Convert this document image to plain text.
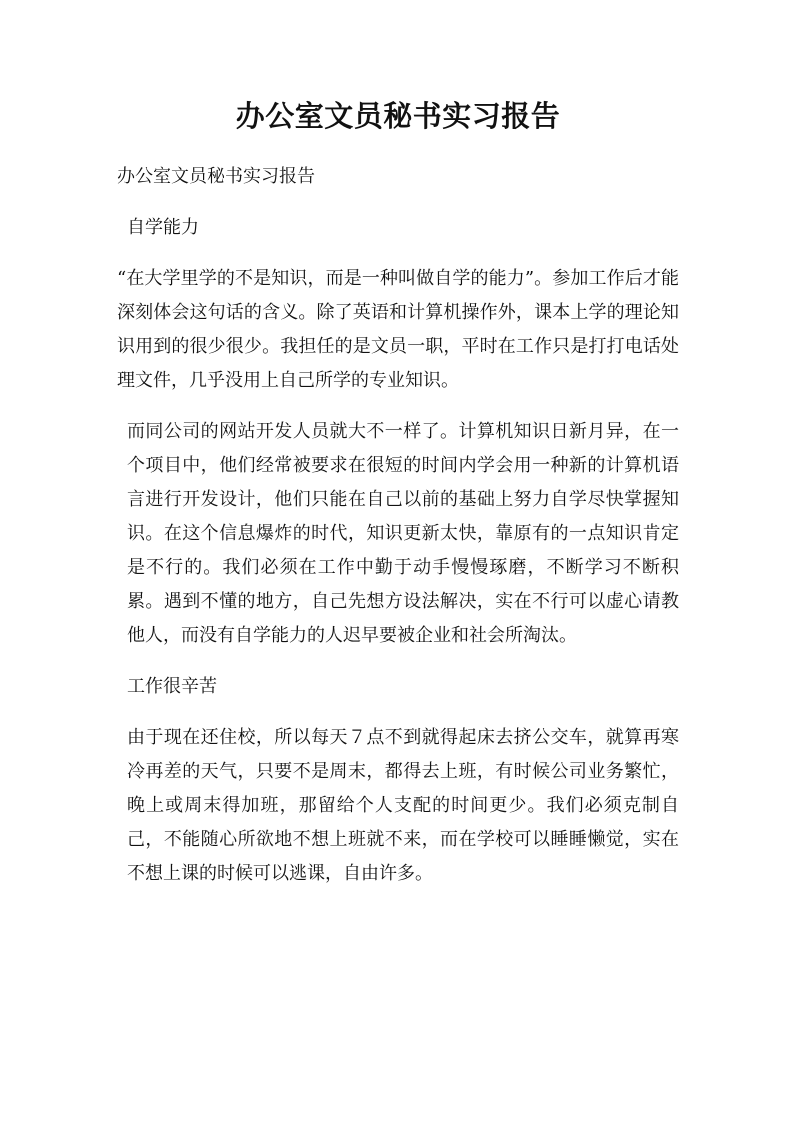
办公室文员秘书实习报告

办公室文员秘书实习报告

自学能力

“在大学里学的不是知识，而是一种叫做自学的能力”。参加工作后才能深刻体会这句话的含义。除了英语和计算机操作外，课本上学的理论知识用到的很少很少。我担任的是文员一职，平时在工作只是打打电话处理文件，几乎没用上自己所学的专业知识。

而同公司的网站开发人员就大不一样了。计算机知识日新月异，在一个项目中，他们经常被要求在很短的时间内学会用一种新的计算机语言进行开发设计，他们只能在自己以前的基础上努力自学尽快掌握知识。在这个信息爆炸的时代，知识更新太快，靠原有的一点知识肯定是不行的。我们必须在工作中勤于动手慢慢琢磨，不断学习不断积累。遇到不懂的地方，自己先想方设法解决，实在不行可以虚心请教他人，而没有自学能力的人迟早要被企业和社会所淘汰。

工作很辛苦

由于现在还住校，所以每天７点不到就得起床去挤公交车，就算再寒冷再差的天气，只要不是周末，都得去上班，有时候公司业务繁忙，晚上或周末得加班，那留给个人支配的时间更少。我们必须克制自己，不能随心所欲地不想上班就不来，而在学校可以睡睡懒觉，实在不想上课的时候可以逃课，自由许多。
